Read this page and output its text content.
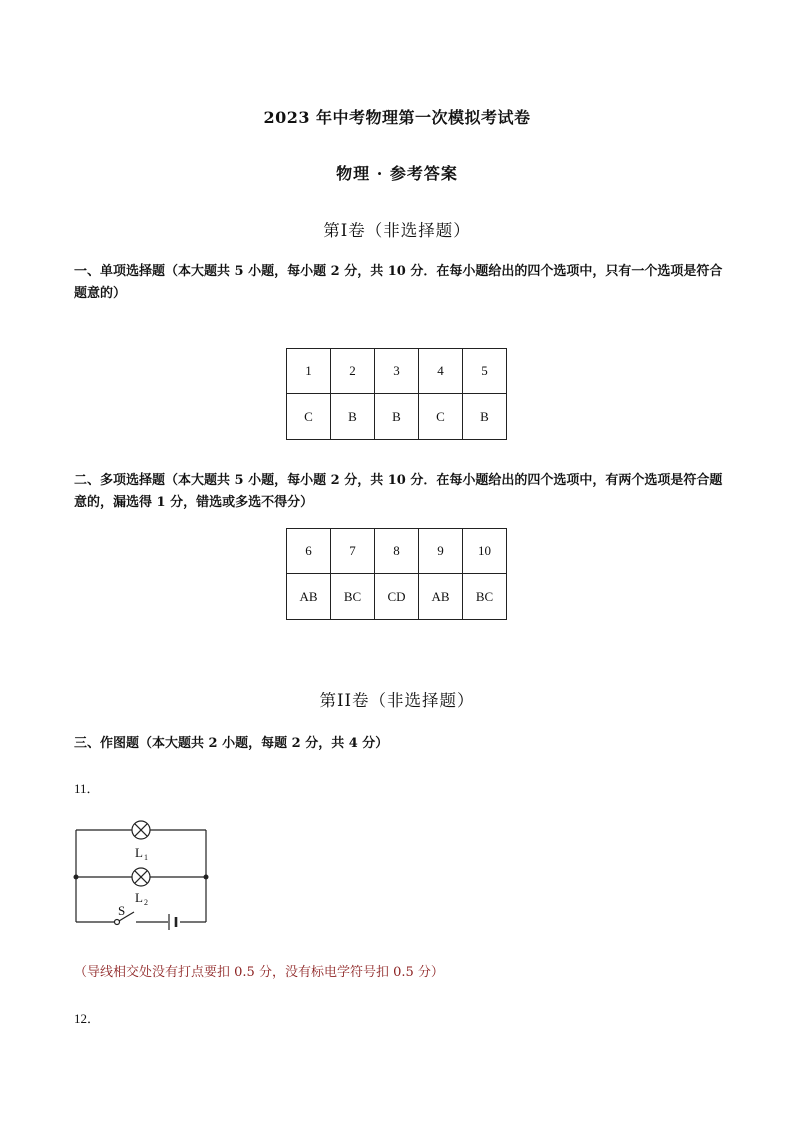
2023 年中考物理第一次模拟考试卷
物理 · 参考答案
第Ⅰ卷（非选择题）
一、单项选择题（本大题共 5 小题，每小题 2 分，共 10 分．在每小题给出的四个选项中，只有一个选项是符合题意的）
1	2	3	4	5
C	B	B	C	B
二、多项选择题（本大题共 5 小题，每小题 2 分，共 10 分．在每小题给出的四个选项中，有两个选项是符合题意的，漏选得 1 分，错选或多选不得分）
6	7	8	9	10
AB	BC	CD	AB	BC
第II卷（非选择题）
三、作图题（本大题共 2 小题，每题 2 分，共 4 分）
11．
L 1
L 2
S
（导线相交处没有打点要扣 0.5 分，没有标电学符号扣 0.5 分）
12．
